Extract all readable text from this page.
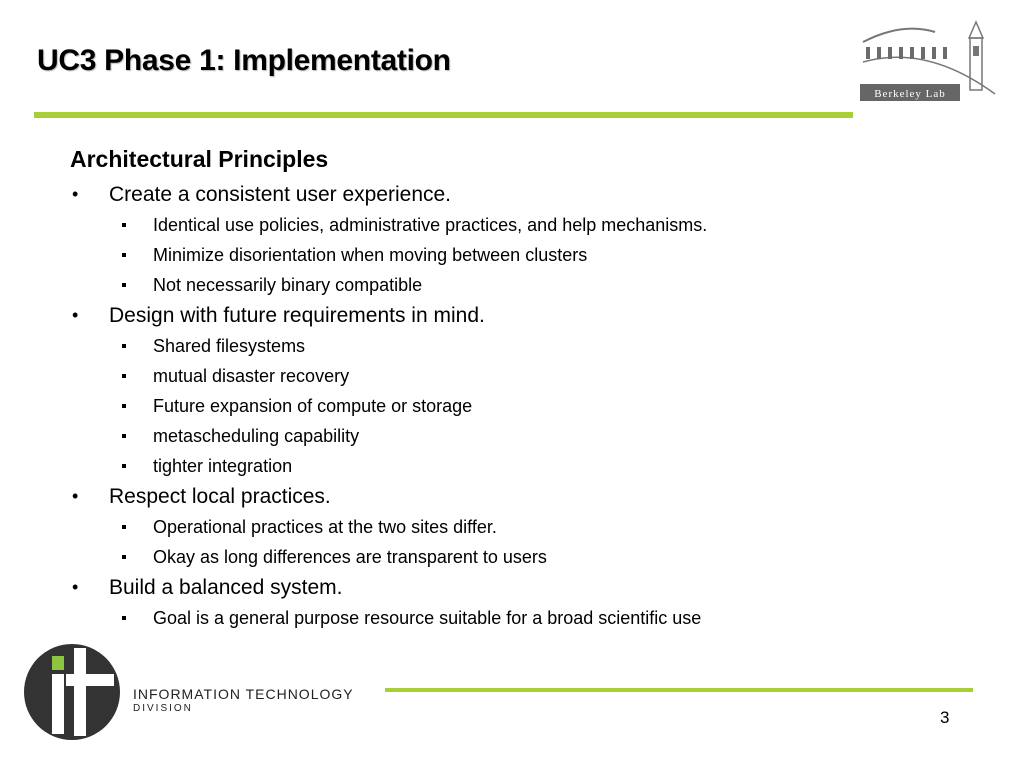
UC3 Phase 1: Implementation
Berkeley Lab
Architectural Principles
• Create a consistent user experience.
Identical use policies, administrative practices, and help mechanisms.
Minimize disorientation when moving between clusters
Not necessarily binary compatible
• Design with future requirements in mind.
Shared filesystems
mutual disaster recovery
Future expansion of compute or storage
metascheduling capability
tighter integration
• Respect local practices.
Operational practices at the two sites differ.
Okay as long differences are transparent to users
• Build a balanced system.
Goal is a general purpose resource suitable for a broad scientific use
INFORMATION TECHNOLOGY
DIVISION	3
